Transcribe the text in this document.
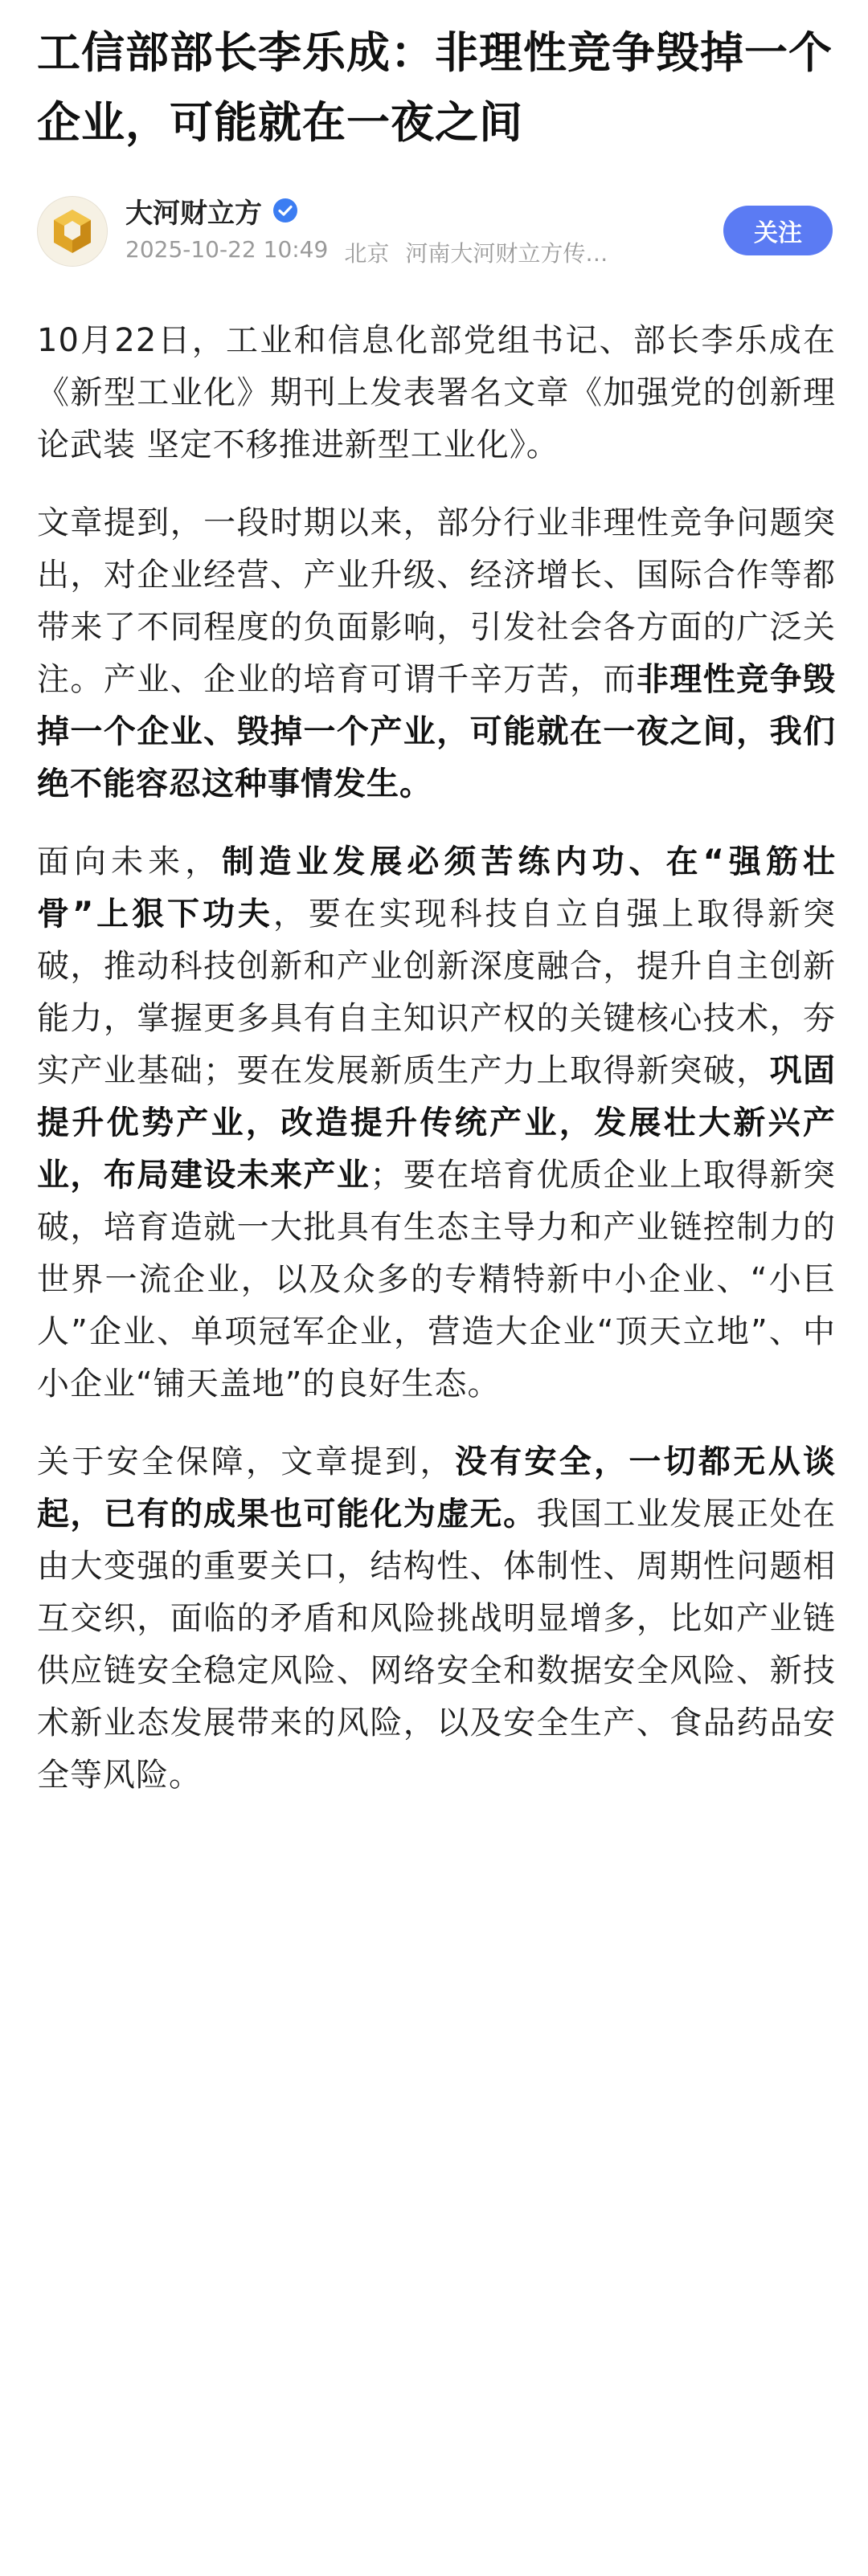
工信部部长李乐成：非理性竞争毁掉一个企业，可能就在一夜之间
大河财立方
2025-10-22 10:49 北京 河南大河财立方传…
关注

10月22日，工业和信息化部党组书记、部长李乐成在《新型工业化》期刊上发表署名文章《加强党的创新理论武装 坚定不移推进新型工业化》。

文章提到，一段时期以来，部分行业非理性竞争问题突出，对企业经营、产业升级、经济增长、国际合作等都带来了不同程度的负面影响，引发社会各方面的广泛关注。产业、企业的培育可谓千辛万苦，而非理性竞争毁掉一个企业、毁掉一个产业，可能就在一夜之间，我们绝不能容忍这种事情发生。

面向未来，制造业发展必须苦练内功、在“强筋壮骨”上狠下功夫，要在实现科技自立自强上取得新突破，推动科技创新和产业创新深度融合，提升自主创新能力，掌握更多具有自主知识产权的关键核心技术，夯实产业基础；要在发展新质生产力上取得新突破，巩固提升优势产业，改造提升传统产业，发展壮大新兴产业，布局建设未来产业；要在培育优质企业上取得新突破，培育造就一大批具有生态主导力和产业链控制力的世界一流企业，以及众多的专精特新中小企业、“小巨人”企业、单项冠军企业，营造大企业“顶天立地”、中小企业“铺天盖地”的良好生态。

关于安全保障，文章提到，没有安全，一切都无从谈起，已有的成果也可能化为虚无。我国工业发展正处在由大变强的重要关口，结构性、体制性、周期性问题相互交织，面临的矛盾和风险挑战明显增多，比如产业链供应链安全稳定风险、网络安全和数据安全风险、新技术新业态发展带来的风险，以及安全生产、食品药品安全等风险。
